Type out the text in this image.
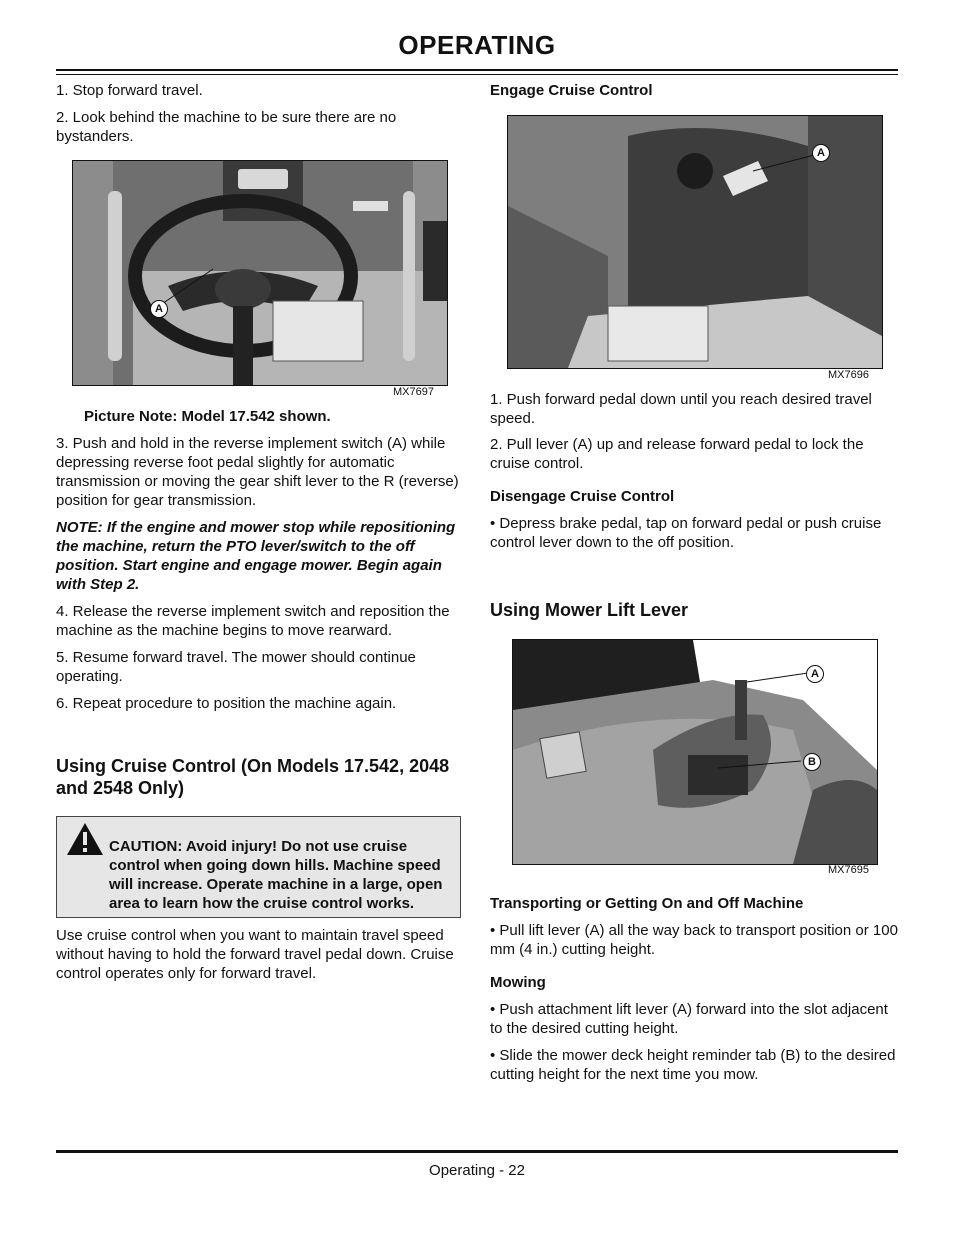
OPERATING

1. Stop forward travel.

2. Look behind the machine to be sure there are no bystanders.

A
MX7697

Picture Note: Model 17.542 shown.

3. Push and hold in the reverse implement switch (A) while depressing reverse foot pedal slightly for automatic transmission or moving the gear shift lever to the R (reverse) position for gear transmission.

NOTE: If the engine and mower stop while repositioning the machine, return the PTO lever/switch to the off position. Start engine and engage mower. Begin again with Step 2.

4. Release the reverse implement switch and reposition the machine as the machine begins to move rearward.

5. Resume forward travel. The mower should continue operating.

6. Repeat procedure to position the machine again.

Using Cruise Control (On Models 17.542, 2048 and 2548 Only)
CAUTION: Avoid injury! Do not use cruise control when going down hills. Machine speed will increase. Operate machine in a large, open area to learn how the cruise control works.
Use cruise control when you want to maintain travel speed without having to hold the forward travel pedal down. Cruise control operates only for forward travel.
Engage Cruise Control
A
MX7696

1. Push forward pedal down until you reach desired travel speed.

2. Pull lever (A) up and release forward pedal to lock the cruise control.

Disengage Cruise Control

• Depress brake pedal, tap on forward pedal or push cruise control lever down to the off position.

Using Mower Lift Lever
A
B
MX7695

Transporting or Getting On and Off Machine

• Pull lift lever (A) all the way back to transport position or 100 mm (4 in.) cutting height.

Mowing

• Push attachment lift lever (A) forward into the slot adjacent to the desired cutting height.

• Slide the mower deck height reminder tab (B) to the desired cutting height for the next time you mow.

Operating - 22
